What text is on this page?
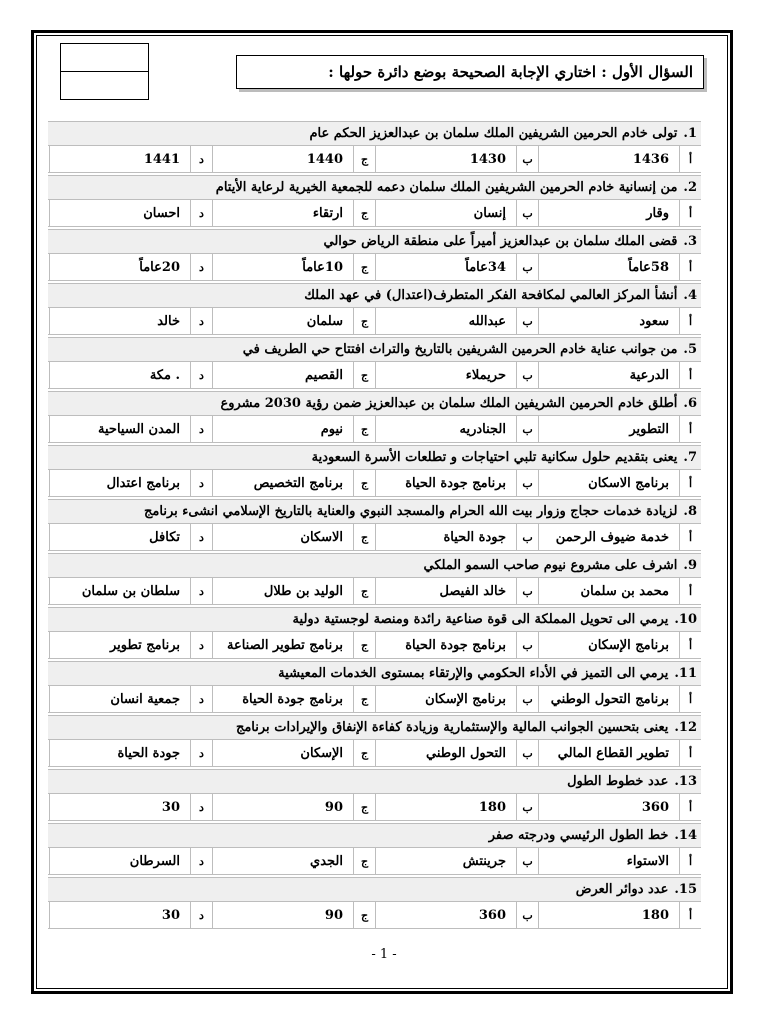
السؤال الأول : اختاري الإجابة الصحيحة بوضع دائرة حولها :
1.
تولى خادم الحرمين الشريفين الملك سلمان بن عبدالعزيز الحكم عام
أ
1436
ب
1430
ج
1440
د
1441
2.
من إنسانية خادم الحرمين الشريفين الملك سلمان دعمه للجمعية الخيرية لرعاية الأيتام
أ
وقار
ب
إنسان
ج
ارتقاء
د
احسان
3.
قضى الملك سلمان بن عبدالعزيز أميراً على منطقة الرياض حوالي
أ
58عاماً
ب
34عاماً
ج
10عاماً
د
20عاماً
4.
أنشأ المركز العالمي لمكافحة الفكر المتطرف(اعتدال) في عهد الملك
أ
سعود
ب
عبدالله
ج
سلمان
د
خالد
5.
من جوانب عناية خادم الحرمين الشريفين بالتاريخ والتراث افتتاح حي الطريف في
أ
الدرعية
ب
حريملاء
ج
القصيم
د
. مكة
6.
أطلق خادم الحرمين الشريفين الملك سلمان بن عبدالعزيز ضمن رؤية 2030 مشروع
أ
التطوير
ب
الجنادريه
ج
نيوم
د
المدن السياحية
7.
يعنى بتقديم حلول سكانية تلبي احتياجات و تطلعات الأسرة السعودية
أ
برنامج الاسكان
ب
برنامج جودة الحياة
ج
برنامج التخصيص
د
برنامج اعتدال
8.
لزيادة خدمات حجاج وزوار بيت الله الحرام والمسجد النبوي والعناية بالتاريخ الإسلامي انشىء برنامج
أ
خدمة ضيوف الرحمن
ب
جودة الحياة
ج
الاسكان
د
تكافل
9.
اشرف على مشروع نيوم صاحب السمو الملكي
أ
محمد بن سلمان
ب
خالد الفيصل
ج
الوليد بن طلال
د
سلطان بن سلمان
10.
يرمي الى تحويل المملكة الى قوة صناعية رائدة ومنصة لوجستية دولية
أ
برنامج الإسكان
ب
برنامج جودة الحياة
ج
برنامج تطوير الصناعة
د
برنامج تطوير
11.
يرمي الى التميز في الأداء الحكومي والإرتقاء بمستوى الخدمات المعيشية
أ
برنامج التحول الوطني
ب
برنامج الإسكان
ج
برنامج جودة الحياة
د
جمعية انسان
12.
يعنى بتحسين الجوانب المالية والإستثمارية وزيادة كفاءة الإنفاق والإيرادات برنامج
أ
تطوير القطاع المالي
ب
التحول الوطني
ج
الإسكان
د
جودة الحياة
13.
عدد خطوط الطول
أ
360
ب
180
ج
90
د
30
14.
خط الطول الرئيسي ودرجته صفر
أ
الاستواء
ب
جرينتش
ج
الجدي
د
السرطان
15.
عدد دوائر العرض
أ
180
ب
360
ج
90
د
30
- 1 -
